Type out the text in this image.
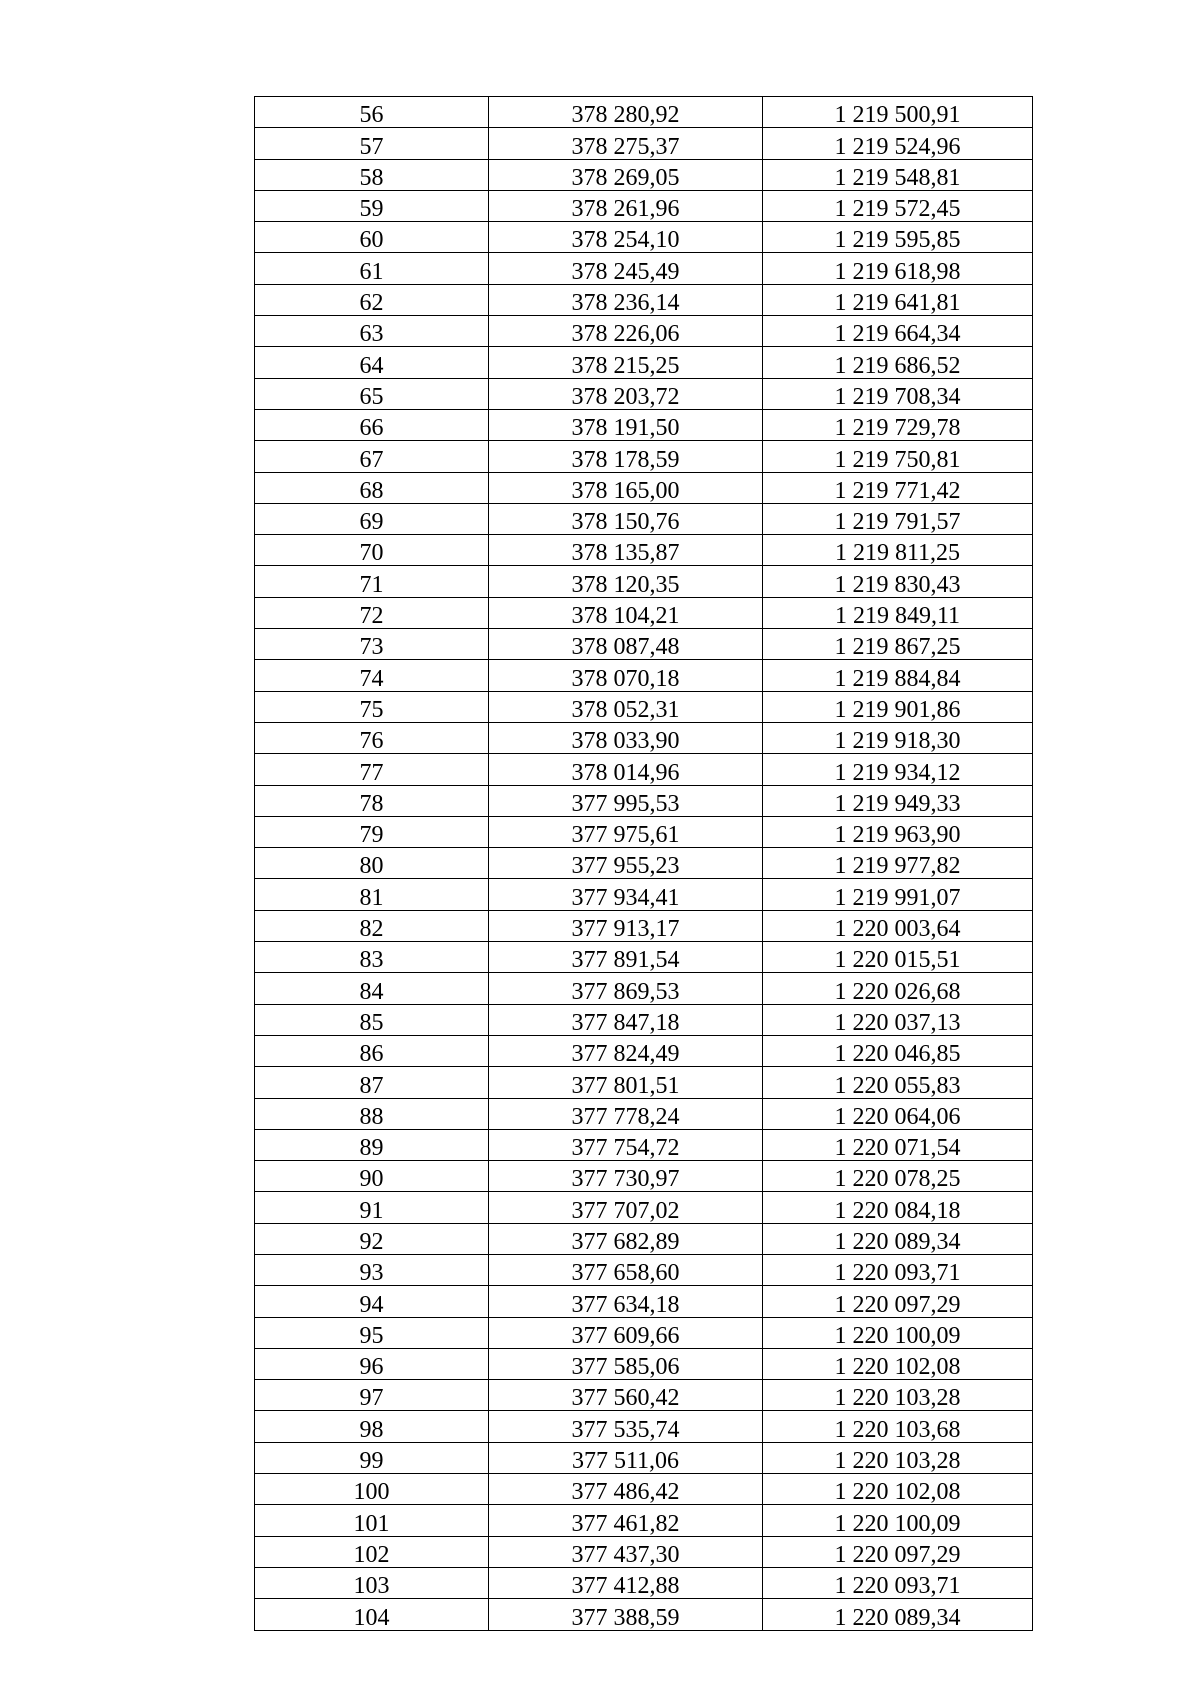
56	378 280,92	1 219 500,91
57	378 275,37	1 219 524,96
58	378 269,05	1 219 548,81
59	378 261,96	1 219 572,45
60	378 254,10	1 219 595,85
61	378 245,49	1 219 618,98
62	378 236,14	1 219 641,81
63	378 226,06	1 219 664,34
64	378 215,25	1 219 686,52
65	378 203,72	1 219 708,34
66	378 191,50	1 219 729,78
67	378 178,59	1 219 750,81
68	378 165,00	1 219 771,42
69	378 150,76	1 219 791,57
70	378 135,87	1 219 811,25
71	378 120,35	1 219 830,43
72	378 104,21	1 219 849,11
73	378 087,48	1 219 867,25
74	378 070,18	1 219 884,84
75	378 052,31	1 219 901,86
76	378 033,90	1 219 918,30
77	378 014,96	1 219 934,12
78	377 995,53	1 219 949,33
79	377 975,61	1 219 963,90
80	377 955,23	1 219 977,82
81	377 934,41	1 219 991,07
82	377 913,17	1 220 003,64
83	377 891,54	1 220 015,51
84	377 869,53	1 220 026,68
85	377 847,18	1 220 037,13
86	377 824,49	1 220 046,85
87	377 801,51	1 220 055,83
88	377 778,24	1 220 064,06
89	377 754,72	1 220 071,54
90	377 730,97	1 220 078,25
91	377 707,02	1 220 084,18
92	377 682,89	1 220 089,34
93	377 658,60	1 220 093,71
94	377 634,18	1 220 097,29
95	377 609,66	1 220 100,09
96	377 585,06	1 220 102,08
97	377 560,42	1 220 103,28
98	377 535,74	1 220 103,68
99	377 511,06	1 220 103,28
100	377 486,42	1 220 102,08
101	377 461,82	1 220 100,09
102	377 437,30	1 220 097,29
103	377 412,88	1 220 093,71
104	377 388,59	1 220 089,34
